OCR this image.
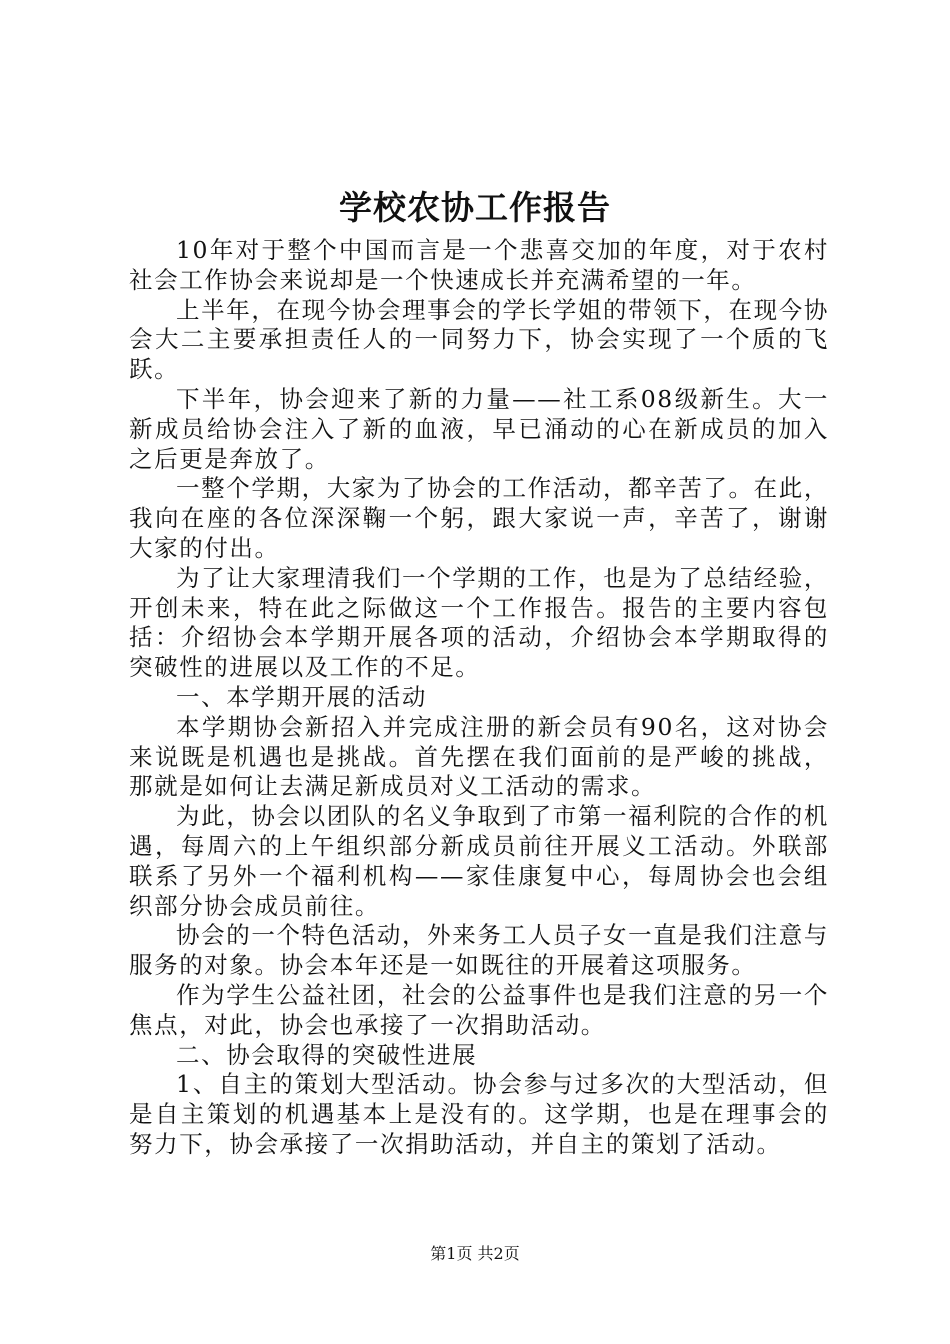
学校农协工作报告

10年对于整个中国而言是一个悲喜交加的年度，对于农村社会工作协会来说却是一个快速成长并充满希望的一年。

上半年，在现今协会理事会的学长学姐的带领下，在现今协会大二主要承担责任人的一同努力下，协会实现了一个质的飞跃。

下半年，协会迎来了新的力量——社工系08级新生。大一新成员给协会注入了新的血液，早已涌动的心在新成员的加入之后更是奔放了。

一整个学期，大家为了协会的工作活动，都辛苦了。在此，我向在座的各位深深鞠一个躬，跟大家说一声，辛苦了，谢谢大家的付出。

为了让大家理清我们一个学期的工作，也是为了总结经验，开创未来，特在此之际做这一个工作报告。报告的主要内容包括：介绍协会本学期开展各项的活动，介绍协会本学期取得的突破性的进展以及工作的不足。

一、本学期开展的活动

本学期协会新招入并完成注册的新会员有90名，这对协会来说既是机遇也是挑战。首先摆在我们面前的是严峻的挑战，那就是如何让去满足新成员对义工活动的需求。

为此，协会以团队的名义争取到了市第一福利院的合作的机遇，每周六的上午组织部分新成员前往开展义工活动。外联部联系了另外一个福利机构——家佳康复中心，每周协会也会组织部分协会成员前往。

协会的一个特色活动，外来务工人员子女一直是我们注意与服务的对象。协会本年还是一如既往的开展着这项服务。

作为学生公益社团，社会的公益事件也是我们注意的另一个焦点，对此，协会也承接了一次捐助活动。

二、协会取得的突破性进展

1、自主的策划大型活动。协会参与过多次的大型活动，但是自主策划的机遇基本上是没有的。这学期，也是在理事会的努力下，协会承接了一次捐助活动，并自主的策划了活动。

第1页 共2页
